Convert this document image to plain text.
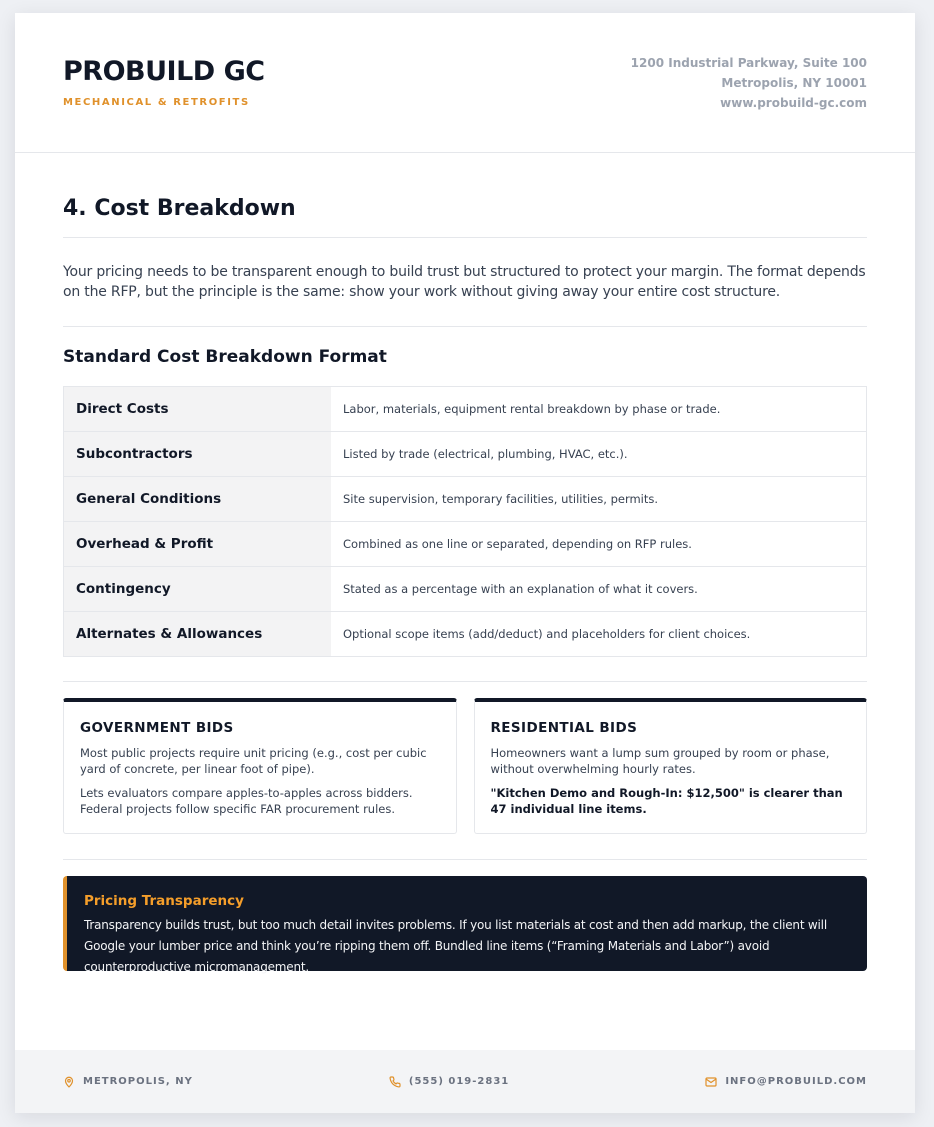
PROBUILD GC
MECHANICAL & RETROFITS
1200 Industrial Parkway, Suite 100
Metropolis, NY 10001
www.probuild-gc.com
4. Cost Breakdown
Your pricing needs to be transparent enough to build trust but structured to protect your margin. The format depends on the RFP, but the principle is the same: show your work without giving away your entire cost structure.
Standard Cost Breakdown Format
Direct Costs	Labor, materials, equipment rental breakdown by phase or trade.
Subcontractors	Listed by trade (electrical, plumbing, HVAC, etc.).
General Conditions	Site supervision, temporary facilities, utilities, permits.
Overhead & Profit	Combined as one line or separated, depending on RFP rules.
Contingency	Stated as a percentage with an explanation of what it covers.
Alternates & Allowances	Optional scope items (add/deduct) and placeholders for client choices.
GOVERNMENT BIDS

Most public projects require unit pricing (e.g., cost per cubic yard of concrete, per linear foot of pipe).

Lets evaluators compare apples-to-apples across bidders. Federal projects follow specific FAR procurement rules.

RESIDENTIAL BIDS

Homeowners want a lump sum grouped by room or phase, without overwhelming hourly rates.

"Kitchen Demo and Rough-In: $12,500" is clearer than 47 individual line items.

Pricing Transparency
Transparency builds trust, but too much detail invites problems. If you list materials at cost and then add markup, the client will Google your lumber price and think you’re ripping them off. Bundled line items (“Framing Materials and Labor”) avoid counterproductive micromanagement.
METROPOLIS, NY	(555) 019-2831	INFO@PROBUILD.COM
